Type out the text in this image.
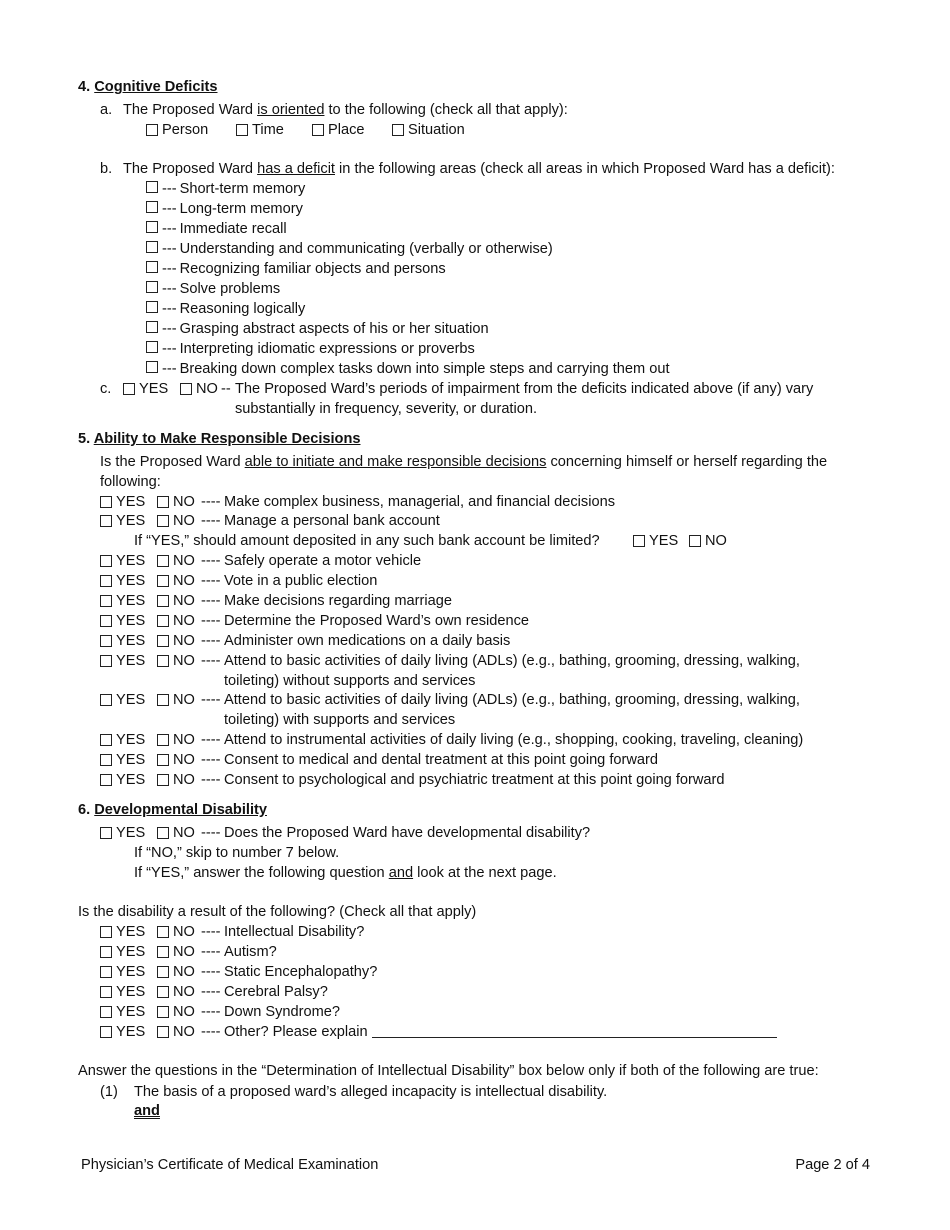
4. Cognitive Deficits
a. The Proposed Ward is oriented to the following (check all that apply):
Person	Time	Place	Situation
b. The Proposed Ward has a deficit in the following areas (check all areas in which Proposed Ward has a deficit):
--- Short-term memory
--- Long-term memory
--- Immediate recall
--- Understanding and communicating (verbally or otherwise)
--- Recognizing familiar objects and persons
--- Solve problems
--- Reasoning logically
--- Grasping abstract aspects of his or her situation
--- Interpreting idiomatic expressions or proverbs
--- Breaking down complex tasks down into simple steps and carrying them out
c. YES NO -- The Proposed Ward’s periods of impairment from the deficits indicated above (if any) vary
substantially in frequency, severity, or duration.
5. Ability to Make Responsible Decisions
Is the Proposed Ward able to initiate and make responsible decisions concerning himself or herself regarding the
following:
YES NO ---- Make complex business, managerial, and financial decisions
YES NO ---- Manage a personal bank account
YES NO ---- Safely operate a motor vehicle
YES NO ---- Vote in a public election
YES NO ---- Make decisions regarding marriage
YES NO ---- Determine the Proposed Ward’s own residence
YES NO ---- Administer own medications on a daily basis
YES NO ---- Attend to basic activities of daily living (ADLs) (e.g., bathing, grooming, dressing, walking,
toileting) without supports and services
YES NO ---- Attend to basic activities of daily living (ADLs) (e.g., bathing, grooming, dressing, walking,
toileting) with supports and services
YES NO ---- Attend to instrumental activities of daily living (e.g., shopping, cooking, traveling, cleaning)
YES NO ---- Consent to medical and dental treatment at this point going forward
YES NO ---- Consent to psychological and psychiatric treatment at this point going forward
If “YES,” should amount deposited in any such bank account be limited?	YES NO
6. Developmental Disability
YES NO ---- Does the Proposed Ward have developmental disability?
If “NO,” skip to number 7 below.
If “YES,” answer the following question and look at the next page.
Is the disability a result of the following? (Check all that apply)
YES NO ---- Intellectual Disability?
YES NO ---- Autism?
YES NO ---- Static Encephalopathy?
YES NO ---- Cerebral Palsy?
YES NO ---- Down Syndrome?
YES NO ---- Other? Please explain
Answer the questions in the “Determination of Intellectual Disability” box below only if both of the following are true:
(1) The basis of a proposed ward’s alleged incapacity is intellectual disability.
and
Physician’s Certificate of Medical Examination	Page 2 of 4
